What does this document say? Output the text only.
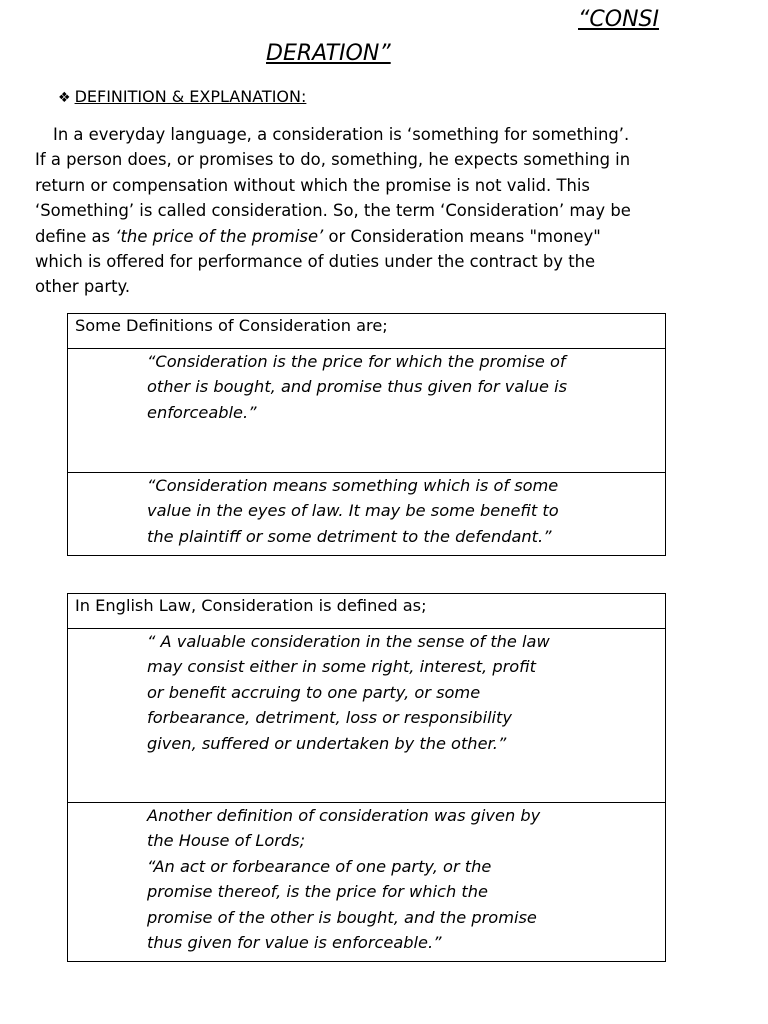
“CONSI
DERATION”
❖ DEFINITION & EXPLANATION:

In a everyday language, a consideration is ‘something for something’.
If a person does, or promises to do, something, he expects something in
return or compensation without which the promise is not valid. This
‘Something’ is called consideration. So, the term ‘Consideration’ may be
define as ‘the price of the promise’ or Consideration means "money"
which is offered for performance of duties under the contract by the
other party.

Some Definitions of Consideration are;
“Consideration is the price for which the promise of
other is bought, and promise thus given for value is
enforceable.”
“Consideration means something which is of some
value in the eyes of law. It may be some benefit to
the plaintiff or some detriment to the defendant.”
In English Law, Consideration is defined as;
“ A valuable consideration in the sense of the law
may consist either in some right, interest, profit
or benefit accruing to one party, or some
forbearance, detriment, loss or responsibility
given, suffered or undertaken by the other.”
Another definition of consideration was given by
the House of Lords;
“An act or forbearance of one party, or the
promise thereof, is the price for which the
promise of the other is bought, and the promise
thus given for value is enforceable.”
